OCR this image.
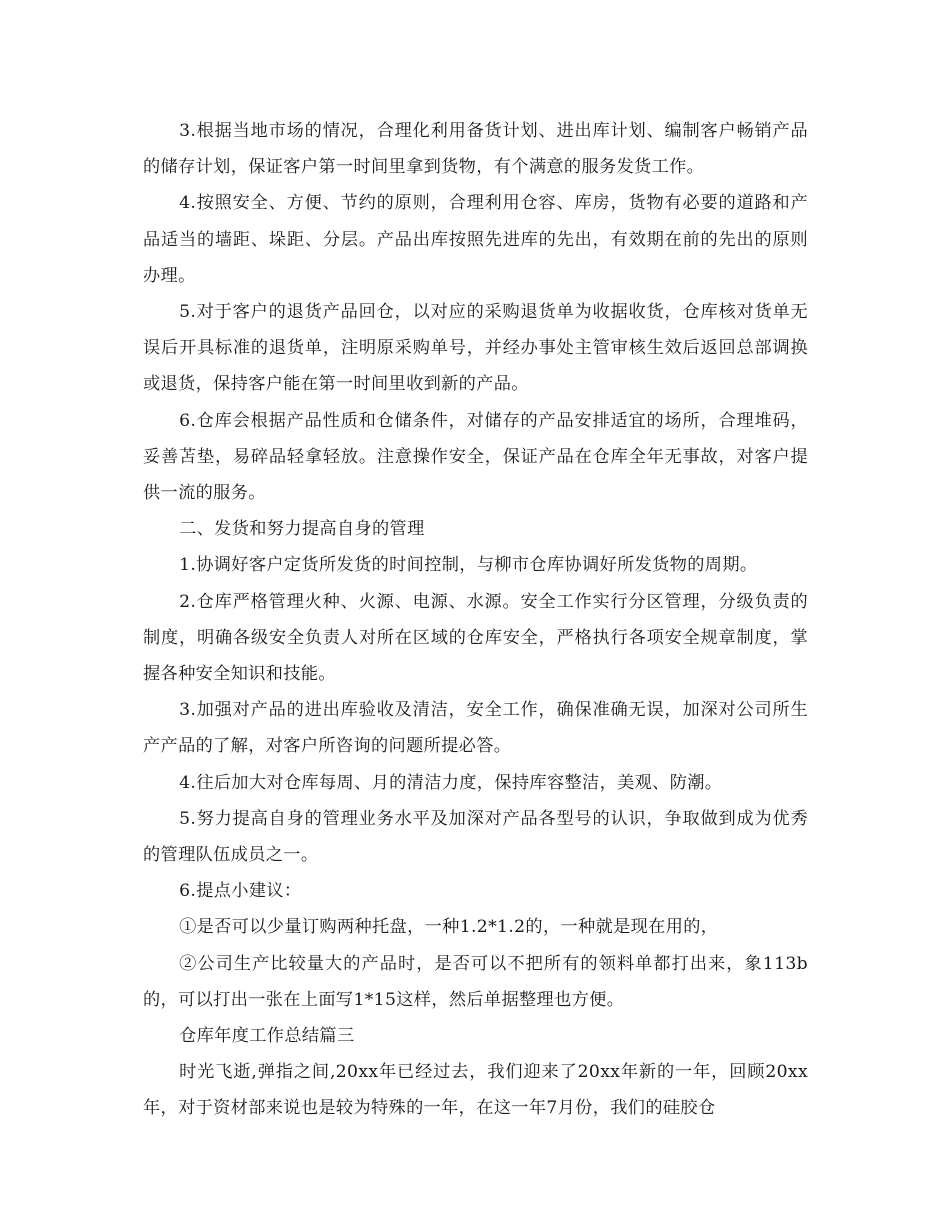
3.根据当地市场的情况，合理化利用备货计划、进出库计划、编制客户畅销产品的储存计划，保证客户第一时间里拿到货物，有个满意的服务发货工作。

4.按照安全、方便、节约的原则，合理利用仓容、库房，货物有必要的道路和产品适当的墙距、垛距、分层。产品出库按照先进库的先出，有效期在前的先出的原则办理。

5.对于客户的退货产品回仓，以对应的采购退货单为收据收货，仓库核对货单无误后开具标准的退货单，注明原采购单号，并经办事处主管审核生效后返回总部调换或退货，保持客户能在第一时间里收到新的产品。

6.仓库会根据产品性质和仓储条件，对储存的产品安排适宜的场所，合理堆码，妥善苫垫，易碎品轻拿轻放。注意操作安全，保证产品在仓库全年无事故，对客户提供一流的服务。

二、发货和努力提高自身的管理

1.协调好客户定货所发货的时间控制，与柳市仓库协调好所发货物的周期。

2.仓库严格管理火种、火源、电源、水源。安全工作实行分区管理，分级负责的制度，明确各级安全负责人对所在区域的仓库安全，严格执行各项安全规章制度，掌握各种安全知识和技能。

3.加强对产品的进出库验收及清洁，安全工作，确保准确无误，加深对公司所生产产品的了解，对客户所咨询的问题所提必答。

4.往后加大对仓库每周、月的清洁力度，保持库容整洁，美观、防潮。

5.努力提高自身的管理业务水平及加深对产品各型号的认识，争取做到成为优秀的管理队伍成员之一。

6.提点小建议：

①是否可以少量订购两种托盘，一种1.2*1.2的，一种就是现在用的，

②公司生产比较量大的产品时，是否可以不把所有的领料单都打出来，象113b的，可以打出一张在上面写1*15这样，然后单据整理也方便。

仓库年度工作总结篇三

时光飞逝,弹指之间,20xx年已经过去，我们迎来了20xx年新的一年，回顾20xx年，对于资材部来说也是较为特殊的一年，在这一年7月份，我们的硅胶仓
